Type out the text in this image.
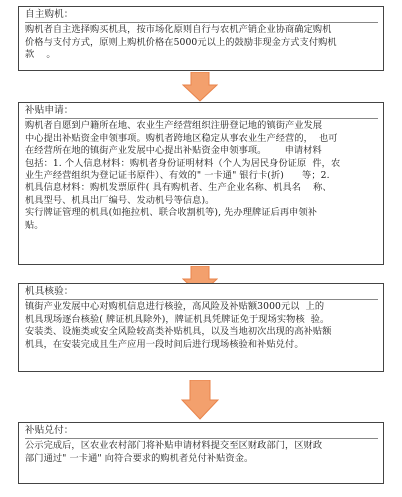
自主购机：
购机者自主选择购买机具，按市场化原则自行与农机产销企业协商确定购机
价格与支付方式，原则上购机价格在5000元以上的鼓励非现金方式支付购机
款    。
补贴申请：
购机者自愿到户籍所在地、农业生产经营组织注册登记地的镇街产业发展
中心提出补贴资金申领事项。购机者跨地区稳定从事农业生产经营的，  也可
在经营所在地的镇街产业发展中心提出补贴资金申领事项。      申请材料
包括：1. 个人信息材料：购机者身份证明材料（个人为居民身份证原  件，农
业生产经营组织为登记证书原件）、有效的" 一卡通" 银行卡(折)      等；2.
机具信息材料：购机发票原件( 具有购机者、生产企业名称、机具名    称、
机具型号、机具出厂编号、发动机号等信息)。
实行牌证管理的机具(如拖拉机、联合收割机等), 先办理牌证后再申领补
贴。
机具核验：
镇街产业发展中心对购机信息进行核验，高风险及补贴额3000元以  上的
机具现场逐台核验( 牌证机具除外)，牌证机具凭牌证免于现场实物核  验。
安装类、设施类或安全风险较高类补贴机具，以及当地初次出现的高补贴额
机具，在安装完成且生产应用一段时间后进行现场核验和补贴兑付。
补贴兑付：
公示完成后，区农业农村部门将补贴申请材料提交至区财政部门，区财政
部门通过" 一卡通" 向符合要求的购机者兑付补贴资金。
